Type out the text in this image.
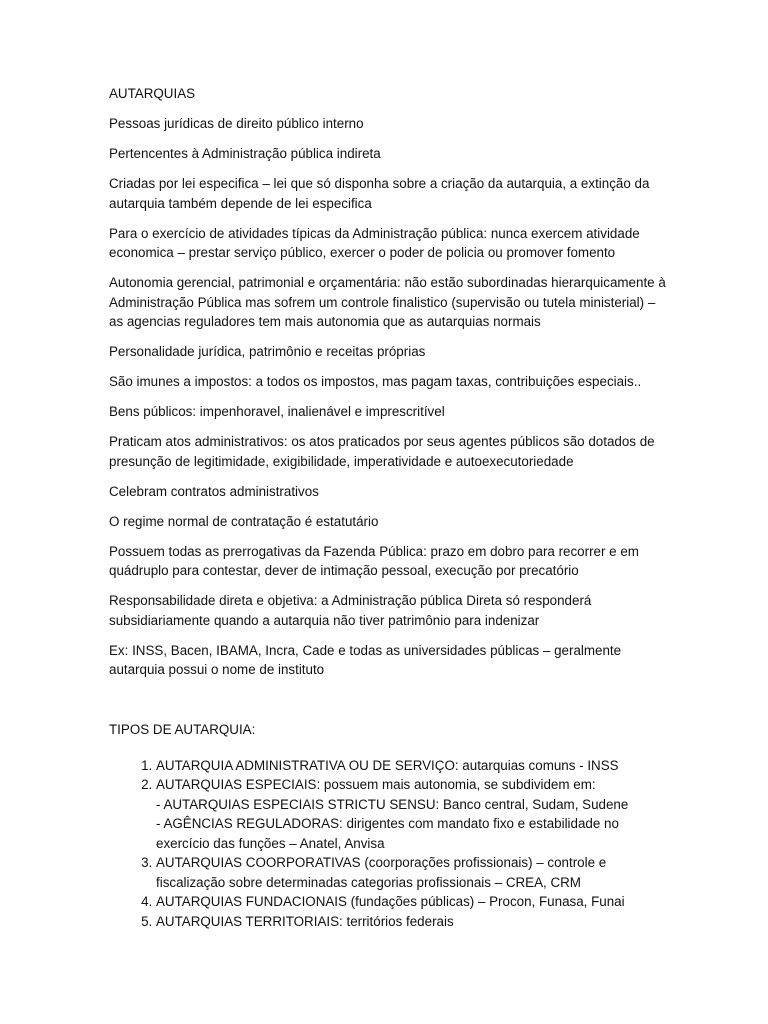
AUTARQUIAS

Pessoas jurídicas de direito público interno

Pertencentes à Administração pública indireta

Criadas por lei especifica – lei que só disponha sobre a criação da autarquia, a extinção da autarquia também depende de lei especifica

Para o exercício de atividades típicas da Administração pública: nunca exercem atividade economica – prestar serviço público, exercer o poder de policia ou promover fomento

Autonomia gerencial, patrimonial e orçamentária: não estão subordinadas hierarquicamente à Administração Pública mas sofrem um controle finalistico (supervisão ou tutela ministerial) – as agencias reguladores tem mais autonomia que as autarquias normais

Personalidade jurídica, patrimônio e receitas próprias

São imunes a impostos: a todos os impostos, mas pagam taxas, contribuições especiais..

Bens públicos: impenhoravel, inalienável e imprescritível

Praticam atos administrativos: os atos praticados por seus agentes públicos são dotados de presunção de legitimidade, exigibilidade, imperatividade e autoexecutoriedade

Celebram contratos administrativos

O regime normal de contratação é estatutário

Possuem todas as prerrogativas da Fazenda Pública: prazo em dobro para recorrer e em quádruplo para contestar, dever de intimação pessoal, execução por precatório

Responsabilidade direta e objetiva: a Administração pública Direta só responderá subsidiariamente quando a autarquia não tiver patrimônio para indenizar

Ex: INSS, Bacen, IBAMA, Incra, Cade e todas as universidades públicas – geralmente autarquia possui o nome de instituto

TIPOS DE AUTARQUIA:

1. AUTARQUIA ADMINISTRATIVA OU DE SERVIÇO: autarquias comuns - INSS
2. AUTARQUIAS ESPECIAIS: possuem mais autonomia, se subdividem em:
- AUTARQUIAS ESPECIAIS STRICTU SENSU: Banco central, Sudam, Sudene
- AGÊNCIAS REGULADORAS: dirigentes com mandato fixo e estabilidade no exercício das funções – Anatel, Anvisa
3. AUTARQUIAS COORPORATIVAS (coorporações profissionais) – controle e fiscalização sobre determinadas categorias profissionais – CREA, CRM
4. AUTARQUIAS FUNDACIONAIS (fundações públicas) – Procon, Funasa, Funai
5. AUTARQUIAS TERRITORIAIS: territórios federais
